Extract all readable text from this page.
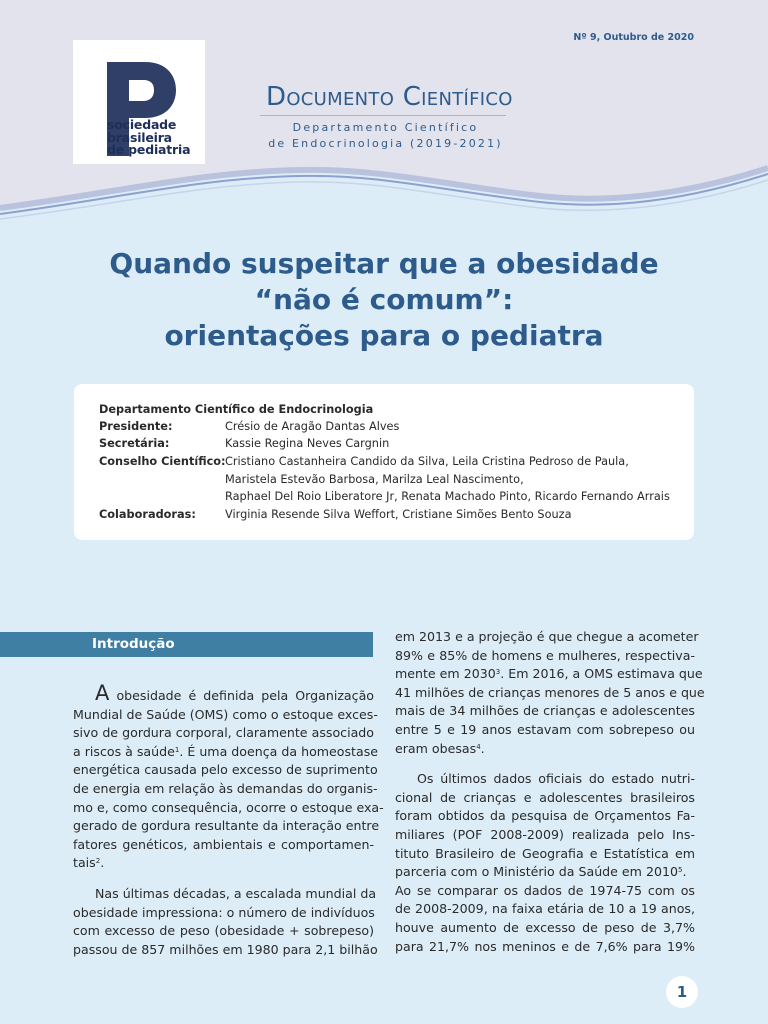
sociedade
brasileira
de pediatria
Nº 9, Outubro de 2020
Documento Científico
Departamento Científico
de Endocrinologia (2019-2021)
Quando suspeitar que a obesidade
“não é comum”:
orientações para o pediatra
Departamento Científico de Endocrinologia
Presidente:	Crésio de Aragão Dantas Alves
Secretária:	Kassie Regina Neves Cargnin
Conselho Científico: Cristiano Castanheira Candido da Silva, Leila Cristina Pedroso de Paula,
Maristela Estevão Barbosa, Marilza Leal Nascimento,
Raphael Del Roio Liberatore Jr, Renata Machado Pinto, Ricardo Fernando Arrais
Colaboradoras:	Virginia Resende Silva Weffort, Cristiane Simões Bento Souza
Introdução

A obesidade é definida pela Organização
Mundial de Saúde (OMS) como o estoque exces-
sivo de gordura corporal, claramente associado
a riscos à saúde$^1$. É uma doença da homeostase
energética causada pelo excesso de suprimento
de energia em relação às demandas do organis-
mo e, como consequência, ocorre o estoque exa-
gerado de gordura resultante da interação entre
fatores genéticos, ambientais e comportamen-
tais$^2$.

Nas últimas décadas, a escalada mundial da
obesidade impressiona: o número de indivíduos
com excesso de peso (obesidade + sobrepeso)
passou de 857 milhões em 1980 para 2,1 bilhão

em 2013 e a projeção é que chegue a acometer
89% e 85% de homens e mulheres, respectiva-
mente em 2030$^3$. Em 2016, a OMS estimava que
41 milhões de crianças menores de 5 anos e que
mais de 34 milhões de crianças e adolescentes
entre 5 e 19 anos estavam com sobrepeso ou
eram obesas$^4$.

Os últimos dados oficiais do estado nutri-
cional de crianças e adolescentes brasileiros
foram obtidos da pesquisa de Orçamentos Fa-
miliares (POF 2008-2009) realizada pelo Ins-
tituto Brasileiro de Geografia e Estatística em
parceria com o Ministério da Saúde em 2010$^5$.
Ao se comparar os dados de 1974-75 com os
de 2008-2009, na faixa etária de 10 a 19 anos,
houve aumento de excesso de peso de 3,7%
para 21,7% nos meninos e de 7,6% para 19%

1
